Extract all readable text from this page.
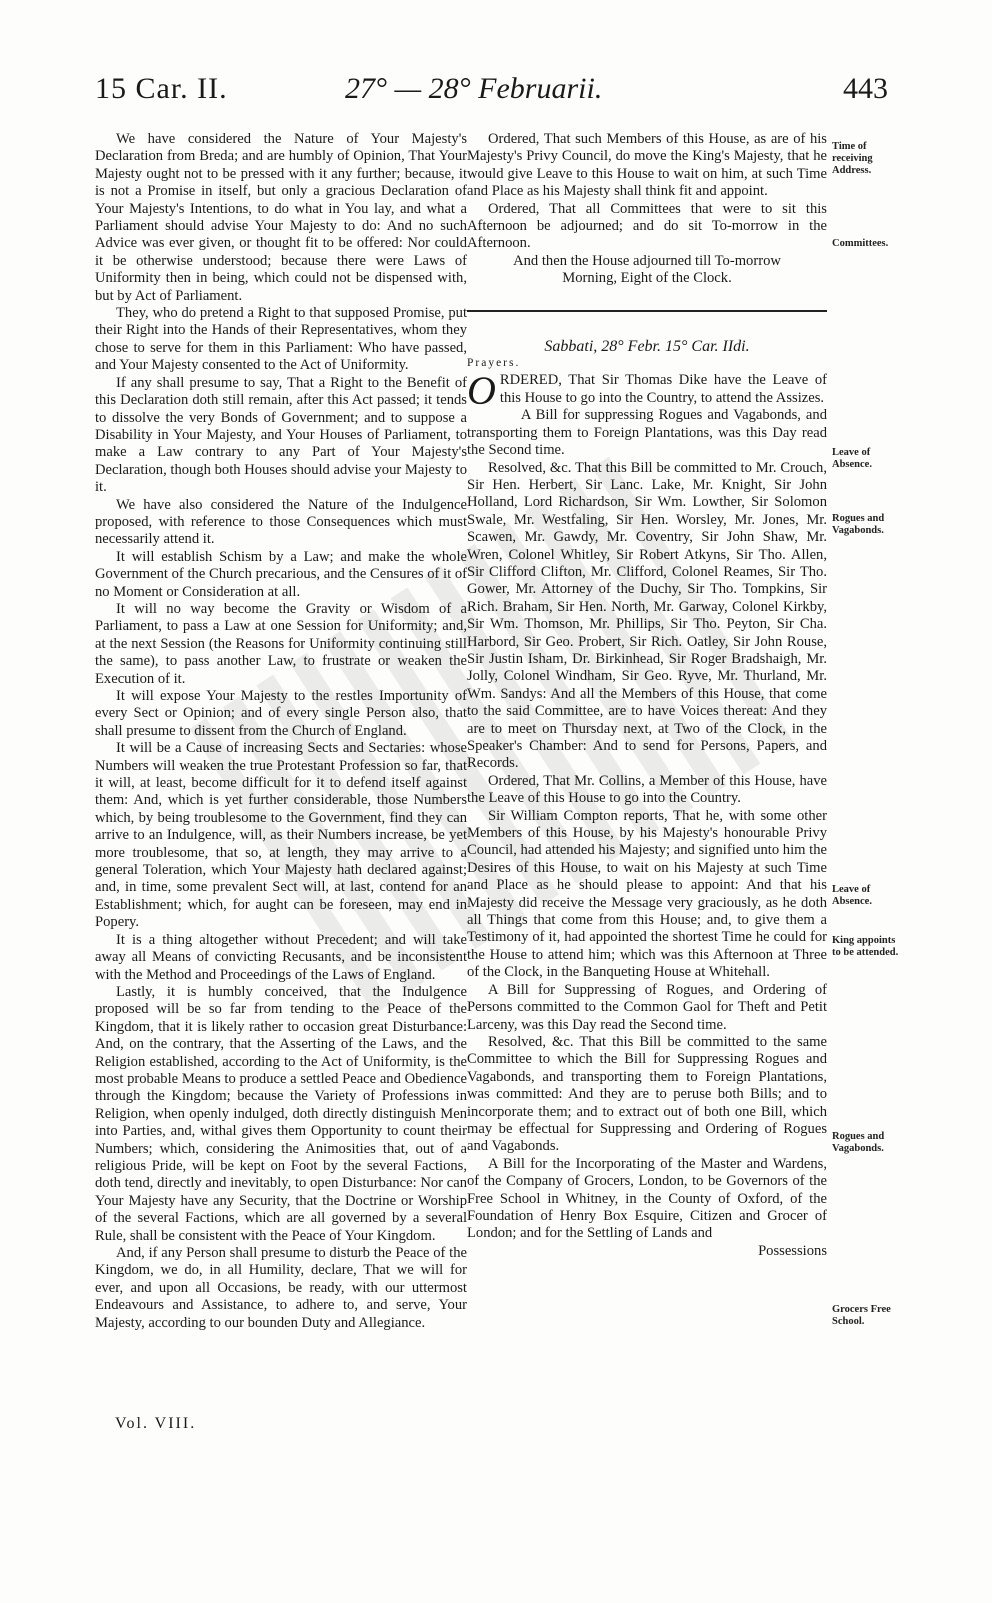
15 Car. II.	27° — 28° Februarii.	443

We have considered the Nature of Your Majesty's Declaration from Breda; and are humbly of Opinion, That Your Majesty ought not to be pressed with it any further; because, it is not a Promise in itself, but only a gracious Declaration of Your Majesty's Intentions, to do what in You lay, and what a Parliament should advise Your Majesty to do: And no such Advice was ever given, or thought fit to be offered: Nor could it be otherwise understood; because there were Laws of Uniformity then in being, which could not be dispensed with, but by Act of Parliament.

They, who do pretend a Right to that supposed Promise, put their Right into the Hands of their Representatives, whom they chose to serve for them in this Parliament: Who have passed, and Your Majesty consented to the Act of Uniformity.

If any shall presume to say, That a Right to the Benefit of this Declaration doth still remain, after this Act passed; it tends to dissolve the very Bonds of Government; and to suppose a Disability in Your Majesty, and Your Houses of Parliament, to make a Law contrary to any Part of Your Majesty's Declaration, though both Houses should advise your Majesty to it.

We have also considered the Nature of the Indulgence proposed, with reference to those Consequences which must necessarily attend it.

It will establish Schism by a Law; and make the whole Government of the Church precarious, and the Censures of it of no Moment or Consideration at all.

It will no way become the Gravity or Wisdom of a Parliament, to pass a Law at one Session for Uniformity; and, at the next Session (the Reasons for Uniformity continuing still the same), to pass another Law, to frustrate or weaken the Execution of it.

It will expose Your Majesty to the restles Importunity of every Sect or Opinion; and of every single Person also, that shall presume to dissent from the Church of England.

It will be a Cause of increasing Sects and Sectaries: whose Numbers will weaken the true Protestant Profession so far, that it will, at least, become difficult for it to defend itself against them: And, which is yet further considerable, those Numbers which, by being troublesome to the Government, find they can arrive to an Indulgence, will, as their Numbers increase, be yet more troublesome, that so, at length, they may arrive to a general Toleration, which Your Majesty hath declared against; and, in time, some prevalent Sect will, at last, contend for an Establishment; which, for aught can be foreseen, may end in Popery.

It is a thing altogether without Precedent; and will take away all Means of convicting Recusants, and be inconsistent with the Method and Proceedings of the Laws of England.

Lastly, it is humbly conceived, that the Indulgence proposed will be so far from tending to the Peace of the Kingdom, that it is likely rather to occasion great Disturbance: And, on the contrary, that the Asserting of the Laws, and the Religion established, according to the Act of Uniformity, is the most probable Means to produce a settled Peace and Obedience through the Kingdom; because the Variety of Professions in Religion, when openly indulged, doth directly distinguish Men into Parties, and, withal gives them Opportunity to count their Numbers; which, considering the Animosities that, out of a religious Pride, will be kept on Foot by the several Factions, doth tend, directly and inevitably, to open Disturbance: Nor can Your Majesty have any Security, that the Doctrine or Worship of the several Factions, which are all governed by a several Rule, shall be consistent with the Peace of Your Kingdom.

And, if any Person shall presume to disturb the Peace of the Kingdom, we do, in all Humility, declare, That we will for ever, and upon all Occasions, be ready, with our uttermost Endeavours and Assistance, to adhere to, and serve, Your Majesty, according to our bounden Duty and Allegiance.

Vol. VIII.

Ordered, That such Members of this House, as are of his Majesty's Privy Council, do move the King's Majesty, that he would give Leave to this House to wait on him, at such Time and Place as his Majesty shall think fit and appoint.

Ordered, That all Committees that were to sit this Afternoon be adjourned; and do sit To-morrow in the Afternoon.

And then the House adjourned till To-morrow Morning, Eight of the Clock.

Sabbati, 28° Febr. 15° Car. IIdi.

Prayers.

ORDERED, That Sir Thomas Dike have the Leave of this House to go into the Country, to attend the Assizes.

A Bill for suppressing Rogues and Vagabonds, and transporting them to Foreign Plantations, was this Day read the Second time.

Resolved, &c. That this Bill be committed to Mr. Crouch, Sir Hen. Herbert, Sir Lanc. Lake, Mr. Knight, Sir John Holland, Lord Richardson, Sir Wm. Lowther, Sir Solomon Swale, Mr. Westfaling, Sir Hen. Worsley, Mr. Jones, Mr. Scawen, Mr. Gawdy, Mr. Coventry, Sir John Shaw, Mr. Wren, Colonel Whitley, Sir Robert Atkyns, Sir Tho. Allen, Sir Clifford Clifton, Mr. Clifford, Colonel Reames, Sir Tho. Gower, Mr. Attorney of the Duchy, Sir Tho. Tompkins, Sir Rich. Braham, Sir Hen. North, Mr. Garway, Colonel Kirkby, Sir Wm. Thomson, Mr. Phillips, Sir Tho. Peyton, Sir Cha. Harbord, Sir Geo. Probert, Sir Rich. Oatley, Sir John Rouse, Sir Justin Isham, Dr. Birkinhead, Sir Roger Bradshaigh, Mr. Jolly, Colonel Windham, Sir Geo. Ryve, Mr. Thurland, Mr. Wm. Sandys: And all the Members of this House, that come to the said Committee, are to have Voices thereat: And they are to meet on Thursday next, at Two of the Clock, in the Speaker's Chamber: And to send for Persons, Papers, and Records.

Ordered, That Mr. Collins, a Member of this House, have the Leave of this House to go into the Country.

Sir William Compton reports, That he, with some other Members of this House, by his Majesty's honourable Privy Council, had attended his Majesty; and signified unto him the Desires of this House, to wait on his Majesty at such Time and Place as he should please to appoint: And that his Majesty did receive the Message very graciously, as he doth all Things that come from this House; and, to give them a Testimony of it, had appointed the shortest Time he could for the House to attend him; which was this Afternoon at Three of the Clock, in the Banqueting House at Whitehall.

A Bill for Suppressing of Rogues, and Ordering of Persons committed to the Common Gaol for Theft and Petit Larceny, was this Day read the Second time.

Resolved, &c. That this Bill be committed to the same Committee to which the Bill for Suppressing Rogues and Vagabonds, and transporting them to Foreign Plantations, was committed: And they are to peruse both Bills; and to incorporate them; and to extract out of both one Bill, which may be effectual for Suppressing and Ordering of Rogues and Vagabonds.

A Bill for the Incorporating of the Master and Wardens, of the Company of Grocers, London, to be Governors of the Free School in Whitney, in the County of Oxford, of the Foundation of Henry Box Esquire, Citizen and Grocer of London; and for the Settling of Lands and

Possessions

Time of receiving Address.
Committees.
Leave of Absence.
Rogues and Vagabonds.
Leave of Absence.
King appoints to be attended.
Rogues and Vagabonds.
Grocers Free School.
